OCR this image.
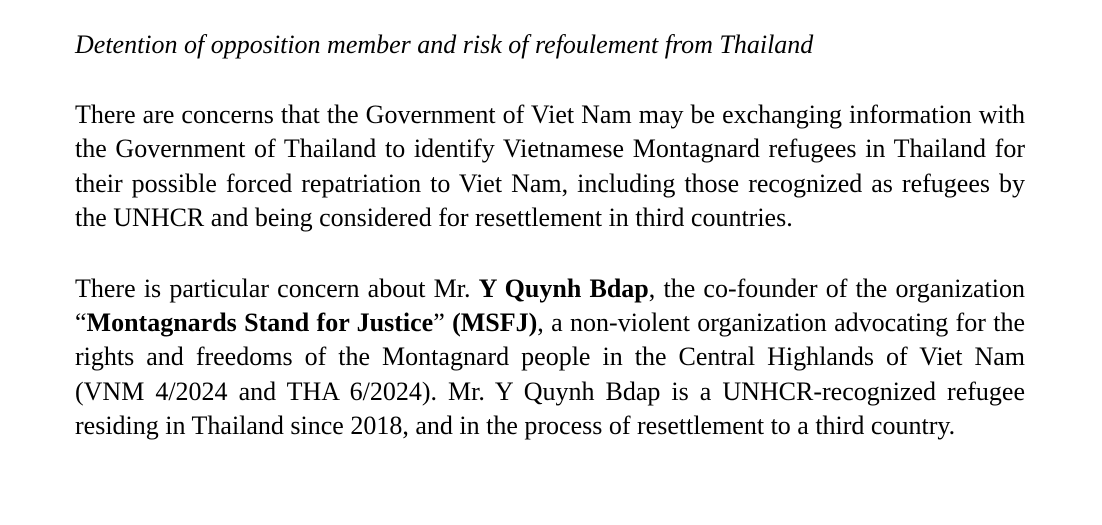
Detention of opposition member and risk of refoulement from Thailand

There are concerns that the Government of Viet Nam may be exchanging information with the Government of Thailand to identify Vietnamese Montagnard refugees in Thailand for their possible forced repatriation to Viet Nam, including those recognized as refugees by the UNHCR and being considered for resettlement in third countries.

There is particular concern about Mr. Y Quynh Bdap, the co-founder of the organization “Montagnards Stand for Justice” (MSFJ), a non-violent organization advocating for the rights and freedoms of the Montagnard people in the Central Highlands of Viet Nam (VNM 4/2024 and THA 6/2024). Mr. Y Quynh Bdap is a UNHCR-recognized refugee residing in Thailand since 2018, and in the process of resettlement to a third country.
